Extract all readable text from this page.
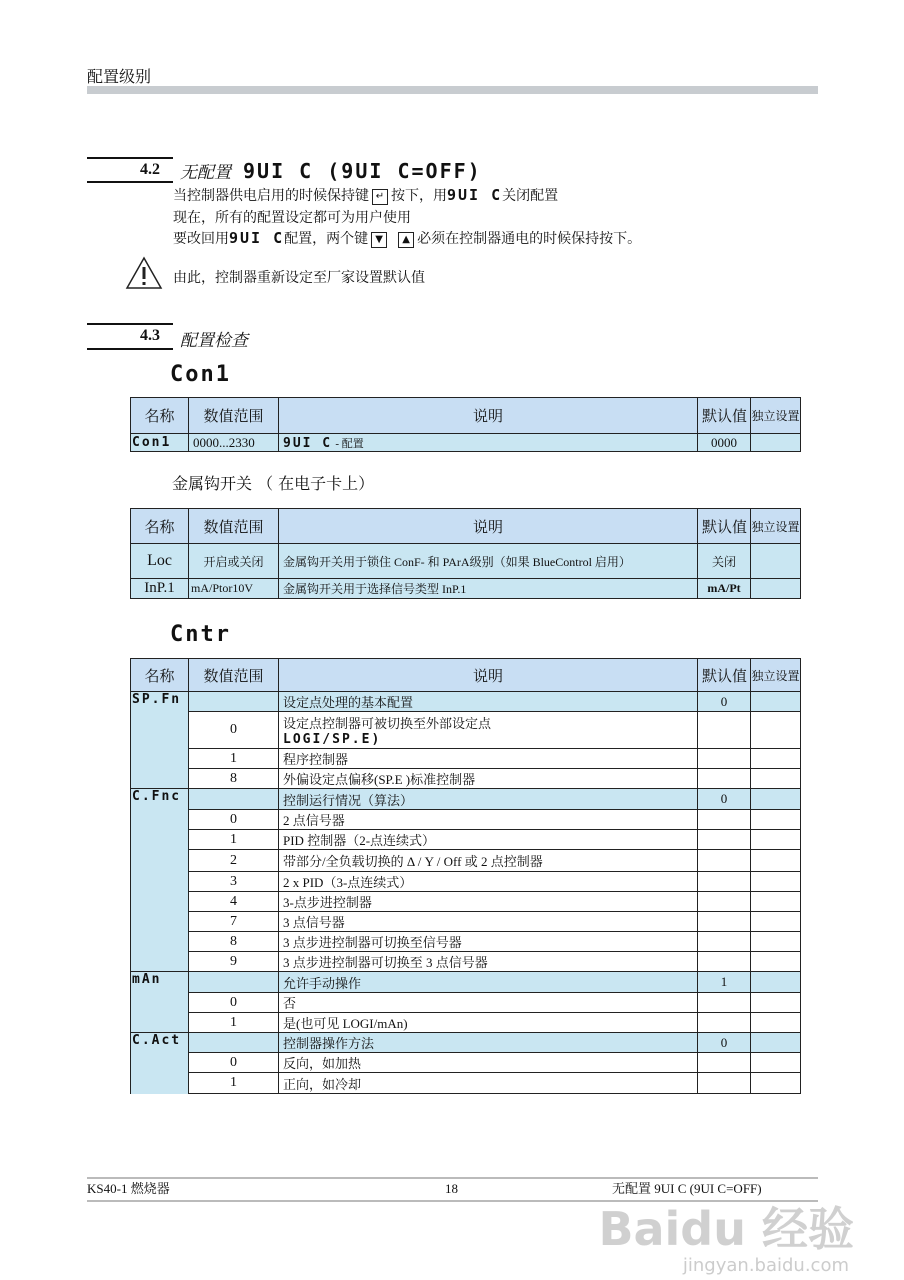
配置级别
4.2 无配置 9UI C (9UI C=OFF)
当控制器供电启用的时候保持键 ↵ 按下，用9UI C关闭配置
现在，所有的配置设定都可为用户使用
要改回用9UI C配置，两个键 ▼ ▲ 必须在控制器通电的时候保持按下。
由此，控制器重新设定至厂家设置默认值
4.3 配置检查
Con1
名称	数值范围	说明	默认值	独立设置
Con1	0000...2330	9UI C - 配置	0000	
金属钩开关 （ 在电子卡上）
名称	数值范围	说明	默认值	独立设置
Loc	开启或关闭	金属钩开关用于锁住 ConF- 和 PArA级别（如果 BlueControl 启用）	关闭	
InP.1	mA/Ptor10V	金属钩开关用于选择信号类型 InP.1	mA/Pt	
Cntr
名称	数值范围	说明	默认值	独立设置
SP.Fn		设定点处理的基本配置	0	
	0	设定点控制器可被切换至外部设定点
LOGI/SP.E)		

	1	程序控制器		
	8	外偏设定点偏移(SP.E )标准控制器		
C.Fnc		控制运行情况（算法）	0	
	0	2 点信号器		
	1	PID 控制器（2-点连续式）		
	2	带部分/全负载切换的 Δ / Y / Off 或 2 点控制器		
	3	2 x PID（3-点连续式）		
	4	3-点步进控制器		
	7	3 点信号器		
	8	3 点步进控制器可切换至信号器		
	9	3 点步进控制器可切换至 3 点信号器		
mAn		允许手动操作	1	
	0	否		
	1	是(也可见 LOGI/mAn)		
C.Act		控制器操作方法	0	
	0	反向，如加热		
	1	正向，如冷却		
KS40-1 燃烧器	18	无配置 9UI C (9UI C=OFF)
Baidu 经验
jingyan.baidu.com
